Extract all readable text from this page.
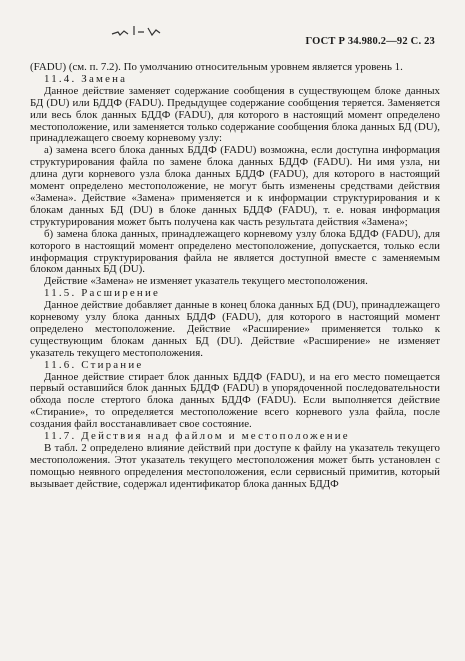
ГОСТ Р 34.980.2—92 С. 23

(FADU) (см. п. 7.2). По умолчанию относительным уровнем является уровень 1.

11.4. Замена

Данное действие заменяет содержание сообщения в существующем блоке данных БД (DU) или БДДФ (FADU). Предыдущее содержание сообщения теряется. Заменяется или весь блок данных БДДФ (FADU), для которого в настоящий момент определено местоположение, или заменяется только содержание сообщения блока данных БД (DU), принадлежащего своему корневому узлу:

а) замена всего блока данных БДДФ (FADU) возможна, если доступна информация структурирования файла по замене блока данных БДДФ (FADU). Ни имя узла, ни длина дуги корневого узла блока данных БДДФ (FADU), для которого в настоящий момент определено местоположение, не могут быть изменены средствами действия «Замена». Действие «Замена» применяется и к информации структурирования и к блокам данных БД (DU) в блоке данных БДДФ (FADU), т. е. новая информация структурирования может быть получена как часть результата действия «Замена»;

б) замена блока данных, принадлежащего корневому узлу блока БДДФ (FADU), для которого в настоящий момент определено местоположение, допускается, только если информация структурирования файла не является доступной вместе с заменяемым блоком данных БД (DU).

Действие «Замена» не изменяет указатель текущего местоположения.

11.5. Расширение

Данное действие добавляет данные в конец блока данных БД (DU), принадлежащего корневому узлу блока данных БДДФ (FADU), для которого в настоящий момент определено местоположение. Действие «Расширение» применяется только к существующим блокам данных БД (DU). Действие «Расширение» не изменяет указатель текущего местоположения.

11.6. Стирание

Данное действие стирает блок данных БДДФ (FADU), и на его место помещается первый оставшийся блок данных БДДФ (FADU) в упорядоченной последовательности обхода после стертого блока данных БДДФ (FADU). Если выполняется действие «Стирание», то определяется местоположение всего корневого узла файла, после создания файл восстанавливает свое состояние.

11.7. Действия над файлом и местоположение

В табл. 2 определено влияние действий при доступе к файлу на указатель текущего местоположения. Этот указатель текущего местоположения может быть установлен с помощью неявного определения местоположения, если сервисный примитив, который вызывает действие, содержал идентификатор блока данных БДДФ
